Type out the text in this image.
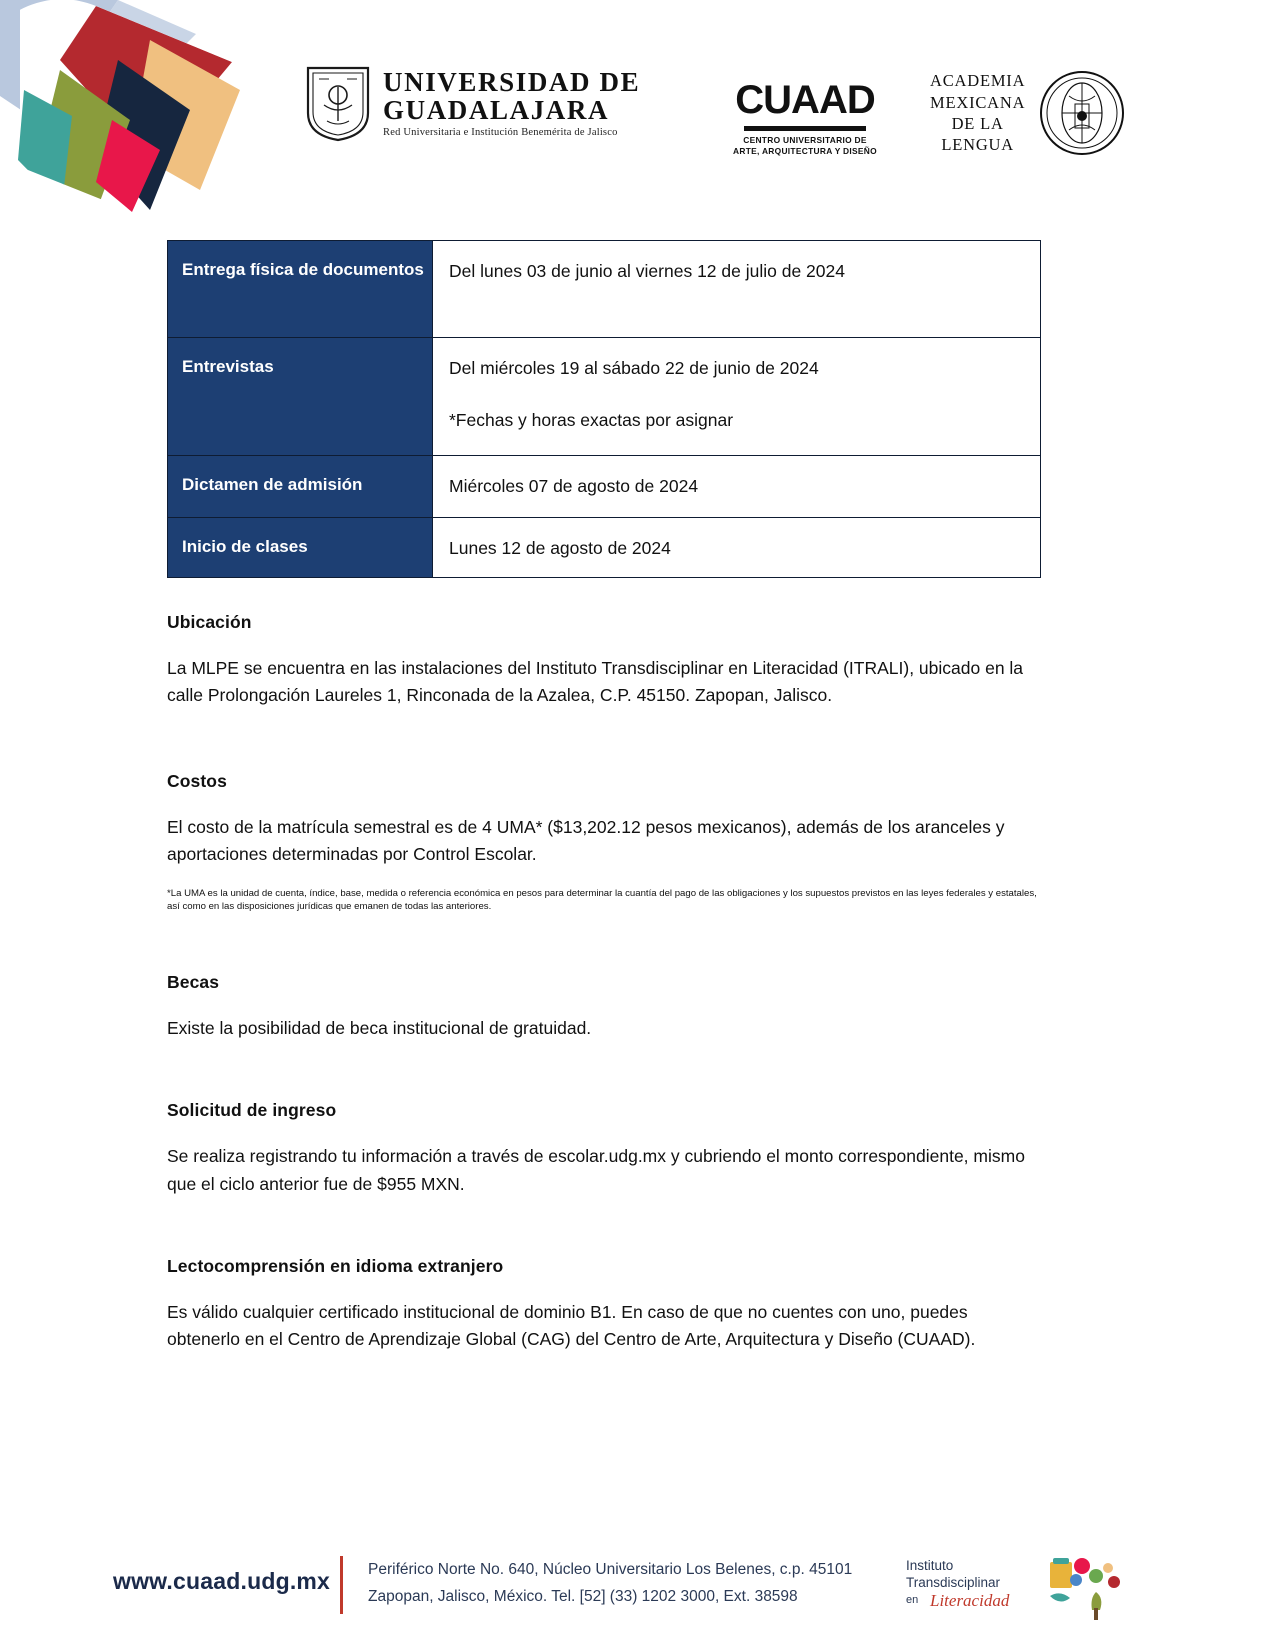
UNIVERSIDAD DE
GUADALAJARA
Red Universitaria e Institución Benemérita de Jalisco
CUAAD
CENTRO UNIVERSITARIO DE
ARTE, ARQUITECTURA Y DISEÑO
ACADEMIA
MEXICANA
DE LA
LENGUA
Entrega física de documentos	Del lunes 03 de junio al viernes 12 de julio de 2024
Entrevistas	Del miércoles 19 al sábado 22 de junio de 2024
*Fechas y horas exactas por asignar

Dictamen de admisión	Miércoles 07 de agosto de 2024
Inicio de clases	Lunes 12 de agosto de 2024
Ubicación

La MLPE se encuentra en las instalaciones del Instituto Transdisciplinar en Literacidad (ITRALI), ubicado en la calle Prolongación Laureles 1, Rinconada de la Azalea, C.P. 45150. Zapopan, Jalisco.

Costos

El costo de la matrícula semestral es de 4 UMA* ($13,202.12 pesos mexicanos), además de los aranceles y aportaciones determinadas por Control Escolar.

*La UMA es la unidad de cuenta, índice, base, medida o referencia económica en pesos para determinar la cuantía del pago de las obligaciones y los supuestos previstos en las leyes federales y estatales, así como en las disposiciones jurídicas que emanen de todas las anteriores.

Becas

Existe la posibilidad de beca institucional de gratuidad.

Solicitud de ingreso

Se realiza registrando tu información a través de escolar.udg.mx y cubriendo el monto correspondiente, mismo que el ciclo anterior fue de $955 MXN.

Lectocomprensión en idioma extranjero

Es válido cualquier certificado institucional de dominio B1. En caso de que no cuentes con uno, puedes obtenerlo en el Centro de Aprendizaje Global (CAG) del Centro de Arte, Arquitectura y Diseño (CUAAD).

www.cuaad.udg.mx Periférico Norte No. 640, Núcleo Universitario Los Belenes, c.p. 45101
Zapopan, Jalisco, México. Tel. [52] (33) 1202 3000, Ext. 38598
Instituto
Transdisciplinar
en Literacidad
